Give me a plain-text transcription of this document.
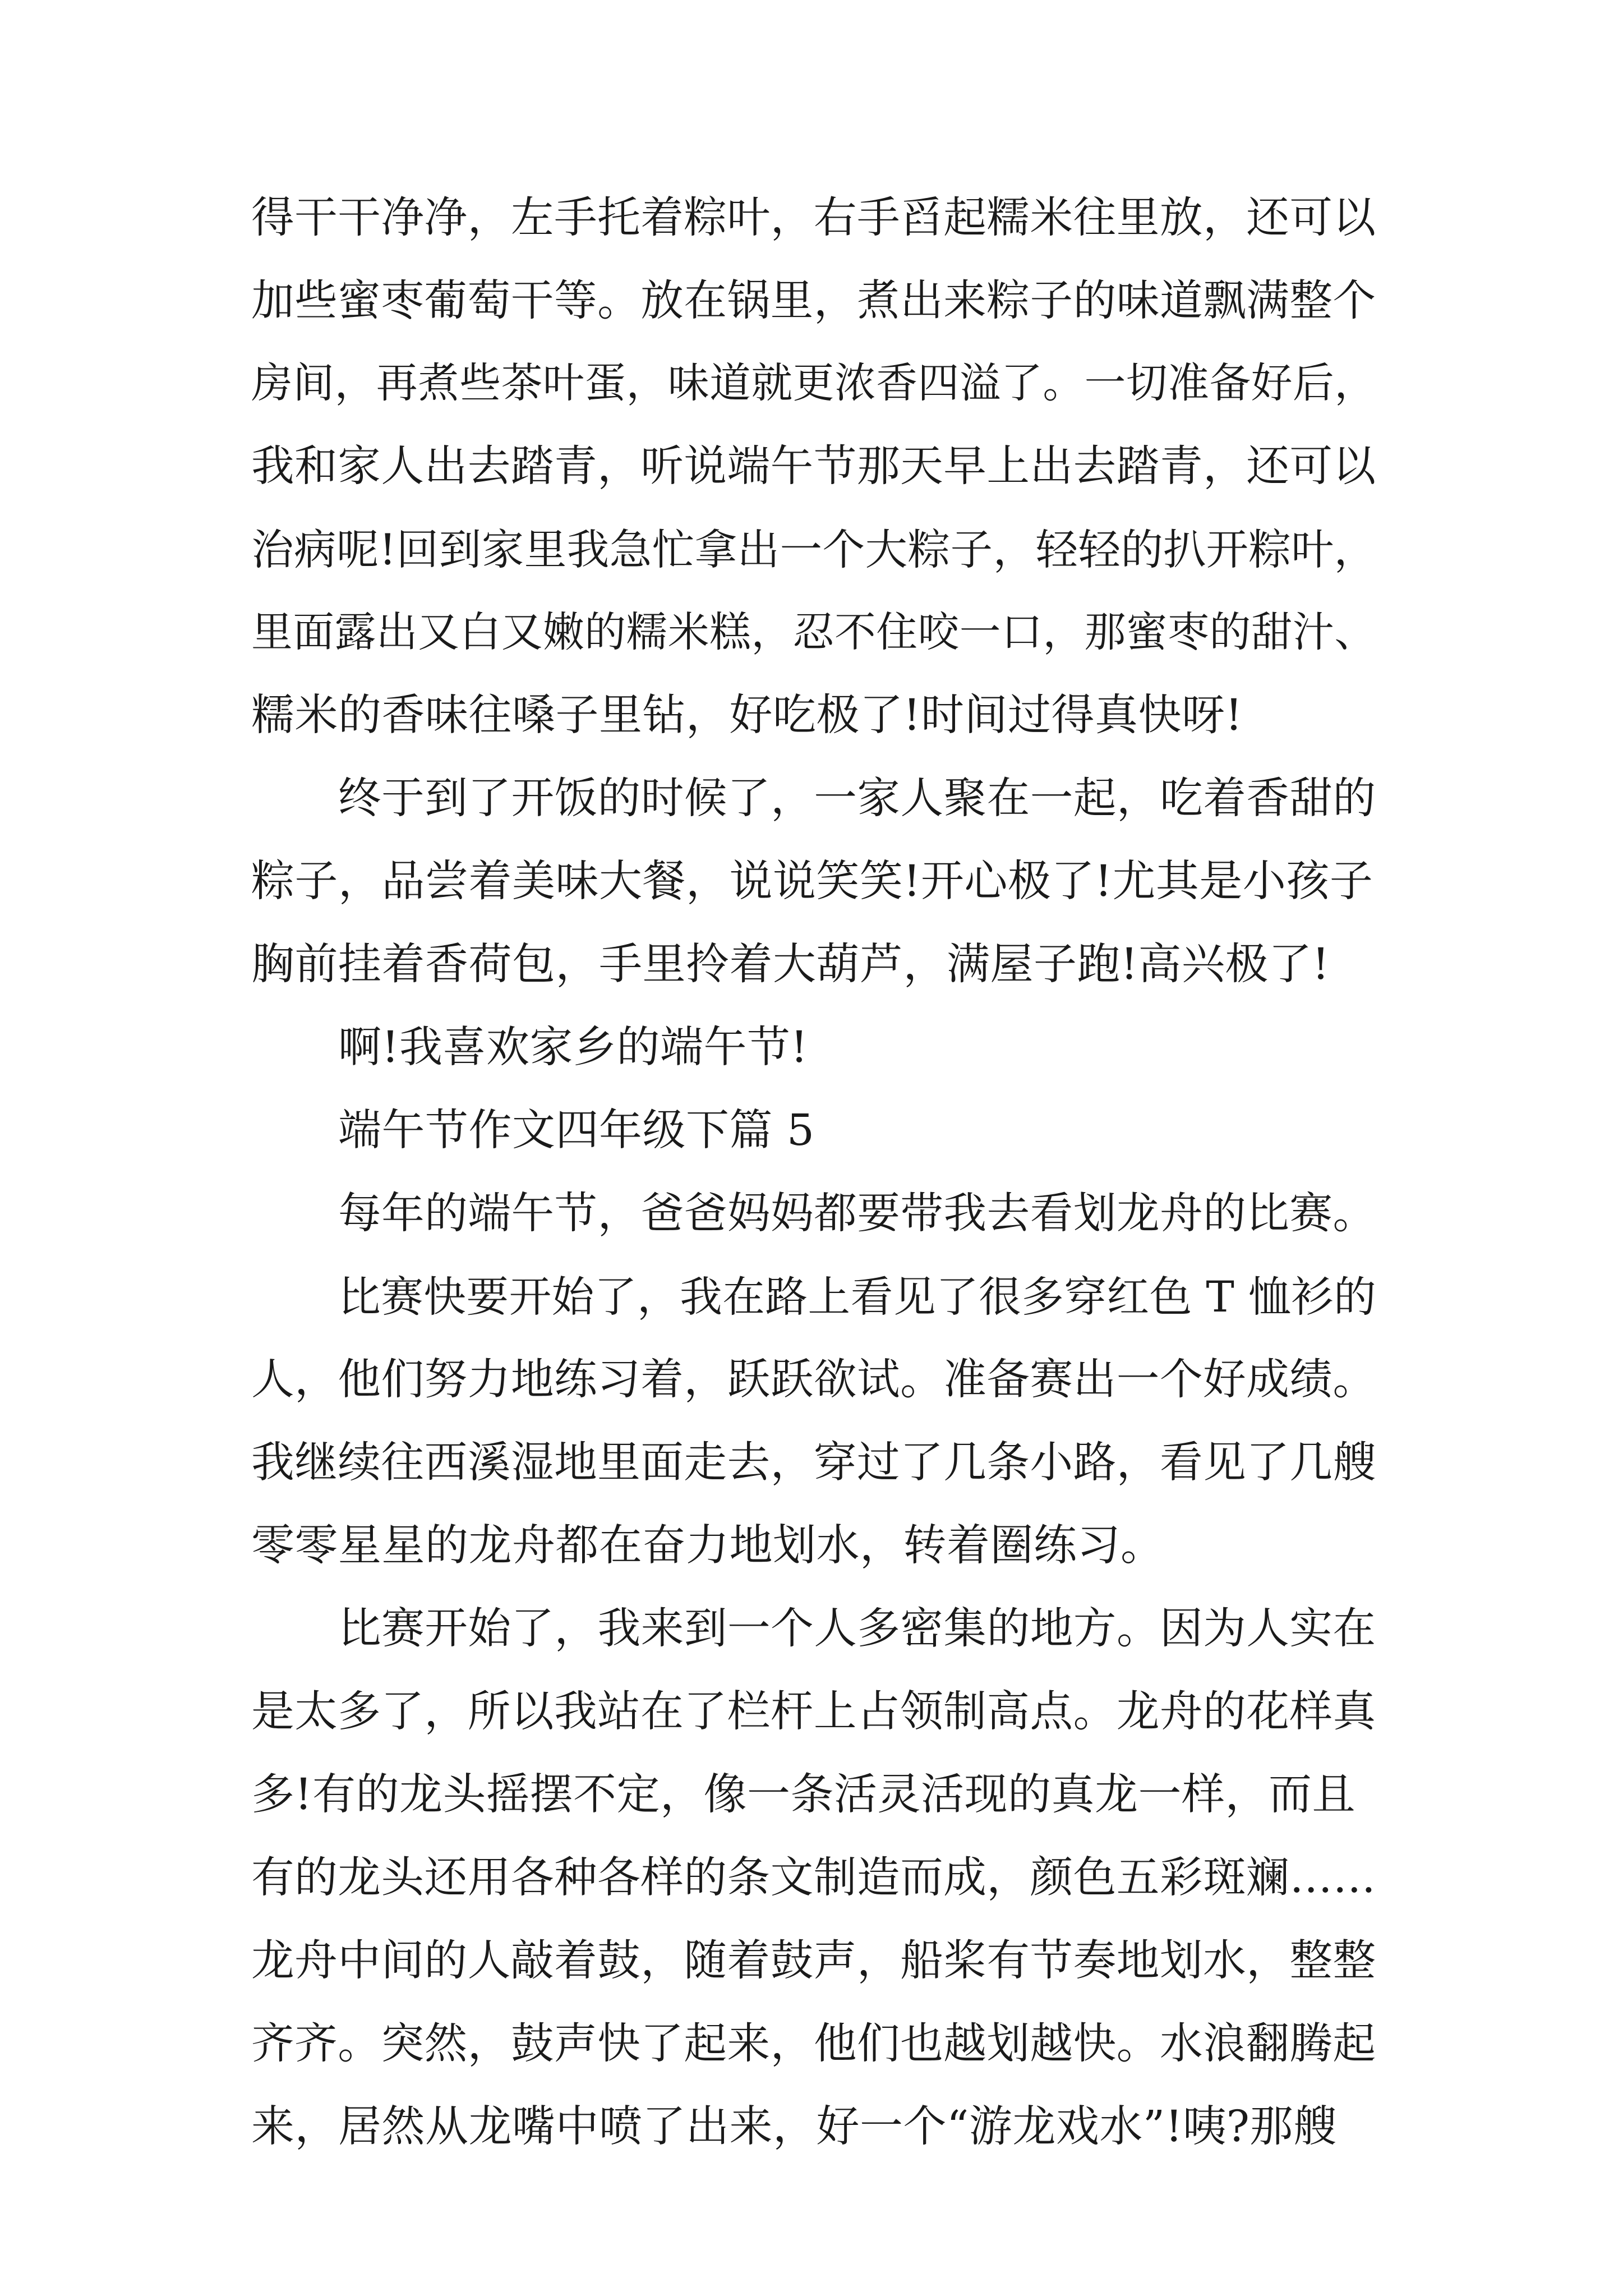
得干干净净，左手托着粽叶，右手舀起糯米往里放，还可以
加些蜜枣葡萄干等。放在锅里，煮出来粽子的味道飘满整个
房间，再煮些茶叶蛋，味道就更浓香四溢了。一切准备好后，
我和家人出去踏青，听说端午节那天早上出去踏青，还可以
治病呢!回到家里我急忙拿出一个大粽子，轻轻的扒开粽叶，
里面露出又白又嫩的糯米糕，忍不住咬一口，那蜜枣的甜汁、
糯米的香味往嗓子里钻，好吃极了!时间过得真快呀!
终于到了开饭的时候了，一家人聚在一起，吃着香甜的
粽子，品尝着美味大餐，说说笑笑!开心极了!尤其是小孩子
胸前挂着香荷包，手里拎着大葫芦，满屋子跑!高兴极了!
啊!我喜欢家乡的端午节!
端午节作文四年级下篇 5
每年的端午节，爸爸妈妈都要带我去看划龙舟的比赛。
比赛快要开始了，我在路上看见了很多穿红色 T 恤衫的
人，他们努力地练习着，跃跃欲试。准备赛出一个好成绩。
我继续往西溪湿地里面走去，穿过了几条小路，看见了几艘
零零星星的龙舟都在奋力地划水，转着圈练习。
比赛开始了，我来到一个人多密集的地方。因为人实在
是太多了，所以我站在了栏杆上占领制高点。龙舟的花样真
多!有的龙头摇摆不定，像一条活灵活现的真龙一样，而且
有的龙头还用各种各样的条文制造而成，颜色五彩斑斓……
龙舟中间的人敲着鼓，随着鼓声，船桨有节奏地划水，整整
齐齐。突然，鼓声快了起来，他们也越划越快。水浪翻腾起
来，居然从龙嘴中喷了出来，好一个“游龙戏水”!咦?那艘
